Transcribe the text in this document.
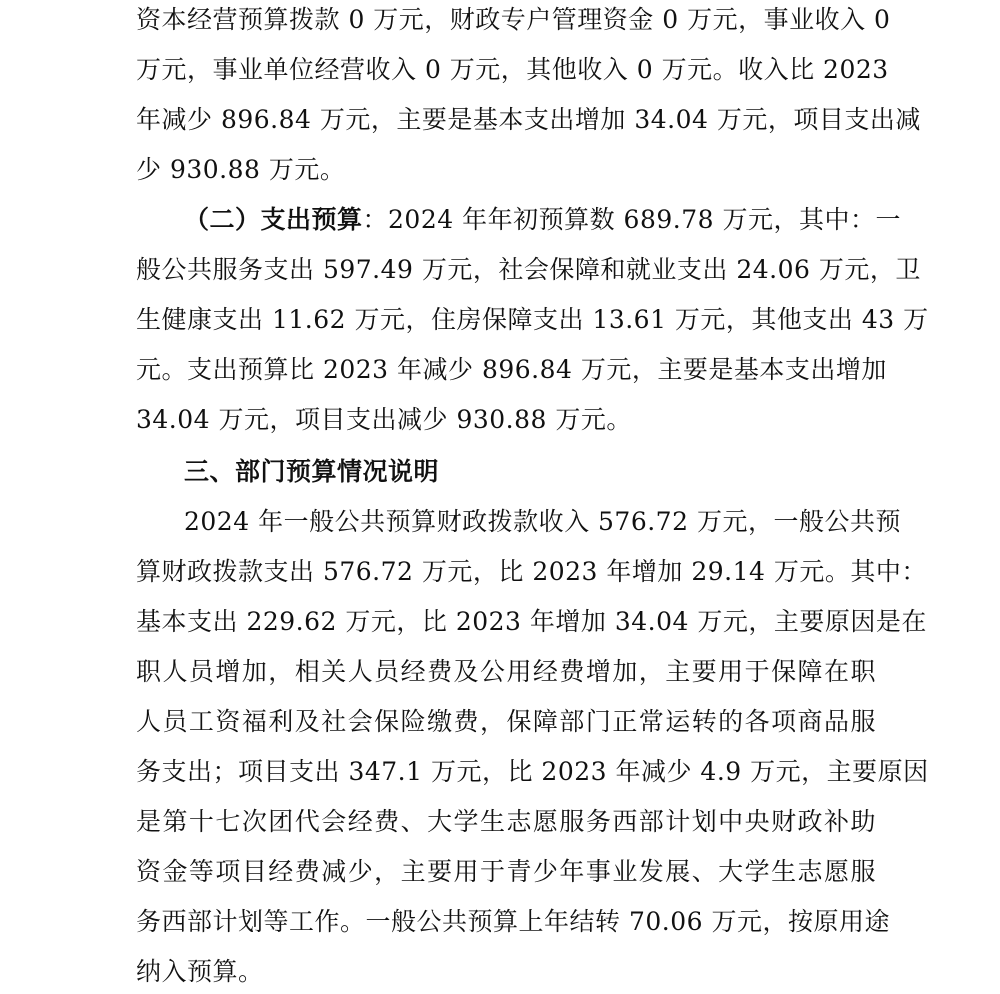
资本经营预算拨款 0 万元，财政专户管理资金 0 万元，事业收入 0
万元，事业单位经营收入 0 万元，其他收入 0 万元。收入比 2023
年减少 896.84 万元，主要是基本支出增加 34.04 万元，项目支出减
少 930.88 万元。
（二）支出预算：2024 年年初预算数 689.78 万元，其中：一
般公共服务支出 597.49 万元，社会保障和就业支出 24.06 万元，卫
生健康支出 11.62 万元，住房保障支出 13.61 万元，其他支出 43 万
元。支出预算比 2023 年减少 896.84 万元，主要是基本支出增加
34.04 万元，项目支出减少 930.88 万元。
三、部门预算情况说明
2024 年一般公共预算财政拨款收入 576.72 万元，一般公共预
算财政拨款支出 576.72 万元，比 2023 年增加 29.14 万元。其中：
基本支出 229.62 万元，比 2023 年增加 34.04 万元，主要原因是在
职人员增加，相关人员经费及公用经费增加，主要用于保障在职
人员工资福利及社会保险缴费，保障部门正常运转的各项商品服
务支出；项目支出 347.1 万元，比 2023 年减少 4.9 万元，主要原因
是第十七次团代会经费、大学生志愿服务西部计划中央财政补助
资金等项目经费减少，主要用于青少年事业发展、大学生志愿服
务西部计划等工作。一般公共预算上年结转 70.06 万元，按原用途
纳入预算。
